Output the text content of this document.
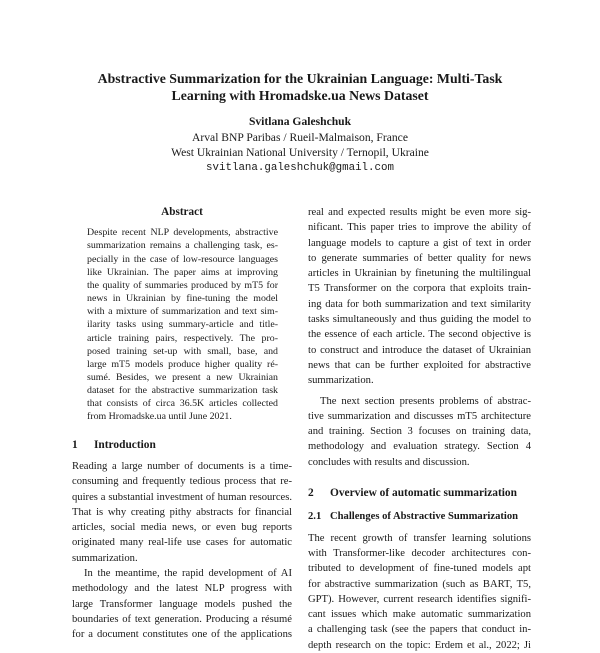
Abstractive Summarization for the Ukrainian Language: Multi-Task
Learning with Hromadske.ua News Dataset
Svitlana Galeshchuk
Arval BNP Paribas / Rueil-Malmaison, France
West Ukrainian National University / Ternopil, Ukraine
svitlana.galeshchuk@gmail.com
Abstract
Despite recent NLP developments, abstractive
summarization remains a challenging task, es-
pecially in the case of low-resource languages
like Ukrainian. The paper aims at improving
the quality of summaries produced by mT5 for
news in Ukrainian by fine-tuning the model
with a mixture of summarization and text sim-
ilarity tasks using summary-article and title-
article training pairs, respectively. The pro-
posed training set-up with small, base, and
large mT5 models produce higher quality ré-
sumé. Besides, we present a new Ukrainian
dataset for the abstractive summarization task
that consists of circa 36.5K articles collected
from Hromadske.ua until June 2021.
1 Introduction
Reading a large number of documents is a time-
consuming and frequently tedious process that re-
quires a substantial investment of human resources.
That is why creating pithy abstracts for financial
articles, social media news, or even bug reports
originated many real-life use cases for automatic
summarization.
In the meantime, the rapid development of AI
methodology and the latest NLP progress with
large Transformer language models pushed the
boundaries of text generation. Producing a résumé
for a document constitutes one of the applications
real and expected results might be even more sig-
nificant. This paper tries to improve the ability of
language models to capture a gist of text in order
to generate summaries of better quality for news
articles in Ukrainian by finetuning the multilingual
T5 Transformer on the corpora that exploits train-
ing data for both summarization and text similarity
tasks simultaneously and thus guiding the model to
the essence of each article. The second objective is
to construct and introduce the dataset of Ukrainian
news that can be further exploited for abstractive
summarization.
The next section presents problems of abstrac-
tive summarization and discusses mT5 architecture
and training. Section 3 focuses on training data,
methodology and evaluation strategy. Section 4
concludes with results and discussion.
2 Overview of automatic summarization
2.1 Challenges of Abstractive Summarization
The recent growth of transfer learning solutions
with Transformer-like decoder architectures con-
tributed to development of fine-tuned models apt
for abstractive summarization (such as BART, T5,
GPT). However, current research identifies signifi-
cant issues which make automatic summarization
a challenging task (see the papers that conduct in-
depth research on the topic: Erdem et al., 2022; Ji
